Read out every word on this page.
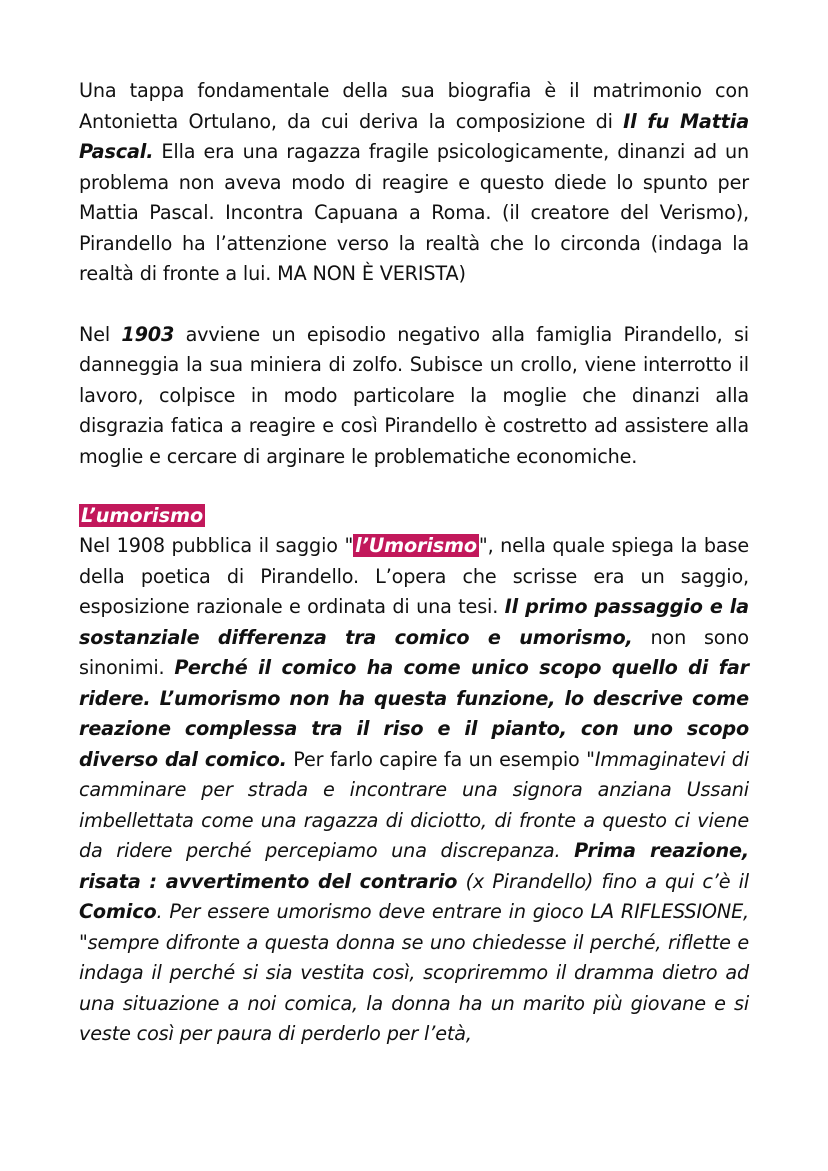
Una tappa fondamentale della sua biografia è il matrimonio con Antonietta Ortulano, da cui deriva la composizione di Il fu Mattia Pascal. Ella era una ragazza fragile psicologicamente, dinanzi ad un problema non aveva modo di reagire e questo diede lo spunto per Mattia Pascal. Incontra Capuana a Roma. (il creatore del Verismo), Pirandello ha l’attenzione verso la realtà che lo circonda (indaga la realtà di fronte a lui. MA NON È VERISTA)

Nel 1903 avviene un episodio negativo alla famiglia Pirandello, si danneggia la sua miniera di zolfo. Subisce un crollo, viene interrotto il lavoro, colpisce in modo particolare la moglie che dinanzi alla disgrazia fatica a reagire e così Pirandello è costretto ad assistere alla moglie e cercare di arginare le problematiche economiche.

L’umorismo

Nel 1908 pubblica il saggio " l’Umorismo ", nella quale spiega la base della poetica di Pirandello. L’opera che scrisse era un saggio, esposizione razionale e ordinata di una tesi. Il primo passaggio e la sostanziale differenza tra comico e umorismo, non sono sinonimi. Perché il comico ha come unico scopo quello di far ridere. L’umorismo non ha questa funzione, lo descrive come reazione complessa tra il riso e il pianto, con uno scopo diverso dal comico. Per farlo capire fa un esempio "Immaginatevi di camminare per strada e incontrare una signora anziana Ussani imbellettata come una ragazza di diciotto, di fronte a questo ci viene da ridere perché percepiamo una discrepanza. Prima reazione, risata : avvertimento del contrario (x Pirandello) fino a qui c’è il Comico. Per essere umorismo deve entrare in gioco LA RIFLESSIONE, "sempre difronte a questa donna se uno chiedesse il perché, riflette e indaga il perché si sia vestita così, scopriremmo il dramma dietro ad una situazione a noi comica, la donna ha un marito più giovane e si veste così per paura di perderlo per l’età,
